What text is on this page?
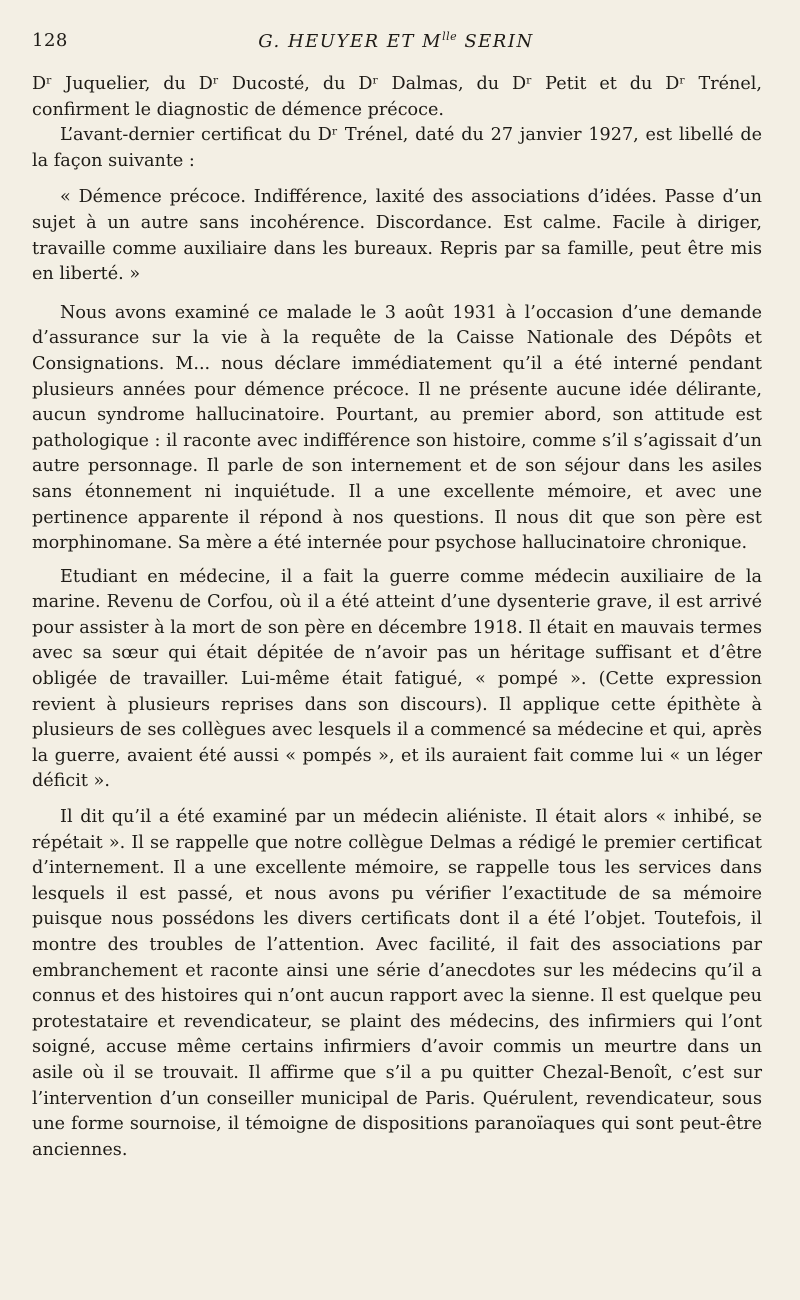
128	G. HEUYER ET $M^{lle}$ SERIN

Dʳ Juquelier, du Dʳ Ducosté, du Dʳ Dalmas, du Dʳ Petit et du Dʳ Trénel, confirment le diagnostic de démence précoce.

L’avant-dernier certificat du Dʳ Trénel, daté du 27 janvier 1927, est libellé de la façon suivante :

« Démence précoce. Indifférence, laxité des associations d’idées. Passe d’un sujet à un autre sans incohérence. Discordance. Est calme. Facile à diriger, travaille comme auxiliaire dans les bureaux. Repris par sa famille, peut être mis en liberté. »

Nous avons examiné ce malade le 3 août 1931 à l’occasion d’une demande d’assurance sur la vie à la requête de la Caisse Nationale des Dépôts et Consignations. M... nous déclare immédiatement qu’il a été interné pendant plusieurs années pour démence précoce. Il ne présente aucune idée délirante, aucun syndrome hallucinatoire. Pourtant, au premier abord, son attitude est pathologique : il raconte avec indifférence son histoire, comme s’il s’agissait d’un autre personnage. Il parle de son internement et de son séjour dans les asiles sans étonnement ni inquiétude. Il a une excellente mémoire, et avec une pertinence apparente il répond à nos questions. Il nous dit que son père est morphinomane. Sa mère a été internée pour psychose hallucinatoire chronique.

Etudiant en médecine, il a fait la guerre comme médecin auxiliaire de la marine. Revenu de Corfou, où il a été atteint d’une dysenterie grave, il est arrivé pour assister à la mort de son père en décembre 1918. Il était en mauvais termes avec sa sœur qui était dépitée de n’avoir pas un héritage suffisant et d’être obligée de travailler. Lui-même était fatigué, « pompé ». (Cette expression revient à plusieurs reprises dans son discours). Il applique cette épithète à plusieurs de ses collègues avec lesquels il a commencé sa médecine et qui, après la guerre, avaient été aussi « pompés », et ils auraient fait comme lui « un léger déficit ».

Il dit qu’il a été examiné par un médecin aliéniste. Il était alors « inhibé, se répétait ». Il se rappelle que notre collègue Delmas a rédigé le premier certificat d’internement. Il a une excellente mémoire, se rappelle tous les services dans lesquels il est passé, et nous avons pu vérifier l’exactitude de sa mémoire puisque nous possédons les divers certificats dont il a été l’objet. Toutefois, il montre des troubles de l’attention. Avec facilité, il fait des associations par embranchement et raconte ainsi une série d’anecdotes sur les médecins qu’il a connus et des histoires qui n’ont aucun rapport avec la sienne. Il est quelque peu protestataire et revendicateur, se plaint des médecins, des infirmiers qui l’ont soigné, accuse même certains infirmiers d’avoir commis un meurtre dans un asile où il se trouvait. Il affirme que s’il a pu quitter Chezal-Benoît, c’est sur l’intervention d’un conseiller municipal de Paris. Quérulent, revendicateur, sous une forme sournoise, il témoigne de dispositions paranoïaques qui sont peut-être anciennes.
